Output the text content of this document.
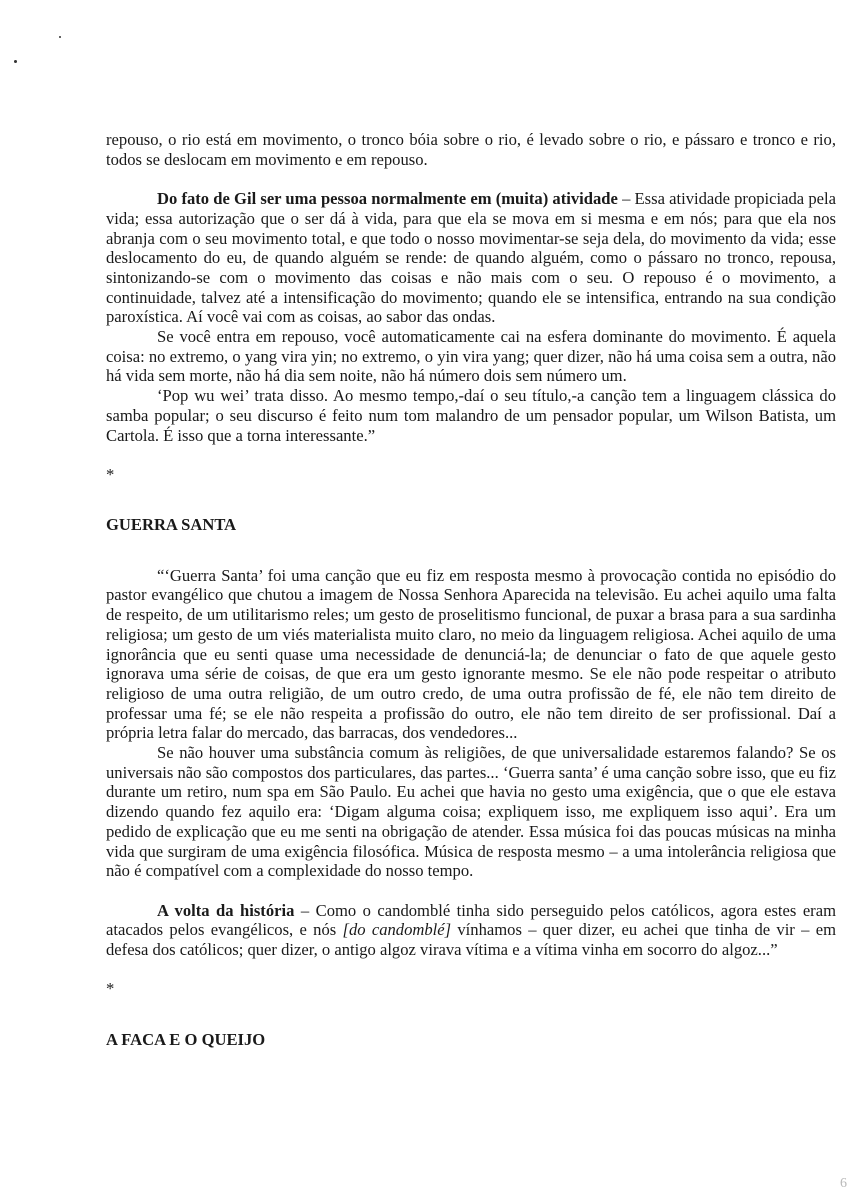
repouso, o rio está em movimento, o tronco bóia sobre o rio, é levado sobre o rio, e pássaro e tronco e rio, todos se deslocam em movimento e em repouso.

Do fato de Gil ser uma pessoa normalmente em (muita) atividade – Essa atividade propiciada pela vida; essa autorização que o ser dá à vida, para que ela se mova em si mesma e em nós; para que ela nos abranja com o seu movimento total, e que todo o nosso movimentar-se seja dela, do movimento da vida; esse deslocamento do eu, de quando alguém se rende: de quando alguém, como o pássaro no tronco, repousa, sintonizando-se com o movimento das coisas e não mais com o seu. O repouso é o movimento, a continuidade, talvez até a intensificação do movimento; quando ele se intensifica, entrando na sua condição paroxística. Aí você vai com as coisas, ao sabor das ondas.

Se você entra em repouso, você automaticamente cai na esfera dominante do movimento. É aquela coisa: no extremo, o yang vira yin; no extremo, o yin vira yang; quer dizer, não há uma coisa sem a outra, não há vida sem morte, não há dia sem noite, não há número dois sem número um.

‘Pop wu wei’ trata disso. Ao mesmo tempo,-daí o seu título,-a canção tem a linguagem clássica do samba popular; o seu discurso é feito num tom malandro de um pensador popular, um Wilson Batista, um Cartola. É isso que a torna interessante.”

*

GUERRA SANTA

“‘Guerra Santa’ foi uma canção que eu fiz em resposta mesmo à provocação contida no episódio do pastor evangélico que chutou a imagem de Nossa Senhora Aparecida na televisão. Eu achei aquilo uma falta de respeito, de um utilitarismo reles; um gesto de proselitismo funcional, de puxar a brasa para a sua sardinha religiosa; um gesto de um viés materialista muito claro, no meio da linguagem religiosa. Achei aquilo de uma ignorância que eu senti quase uma necessidade de denunciá-la; de denunciar o fato de que aquele gesto ignorava uma série de coisas, de que era um gesto ignorante mesmo. Se ele não pode respeitar o atributo religioso de uma outra religião, de um outro credo, de uma outra profissão de fé, ele não tem direito de professar uma fé; se ele não respeita a profissão do outro, ele não tem direito de ser profissional. Daí a própria letra falar do mercado, das barracas, dos vendedores...

Se não houver uma substância comum às religiões, de que universalidade estaremos falando? Se os universais não são compostos dos particulares, das partes... ‘Guerra santa’ é uma canção sobre isso, que eu fiz durante um retiro, num spa em São Paulo. Eu achei que havia no gesto uma exigência, que o que ele estava dizendo quando fez aquilo era: ‘Digam alguma coisa; expliquem isso, me expliquem isso aqui’. Era um pedido de explicação que eu me senti na obrigação de atender. Essa música foi das poucas músicas na minha vida que surgiram de uma exigência filosófica. Música de resposta mesmo – a uma intolerância religiosa que não é compatível com a complexidade do nosso tempo.

A volta da história – Como o candomblé tinha sido perseguido pelos católicos, agora estes eram atacados pelos evangélicos, e nós [do candomblé] vínhamos – quer dizer, eu achei que tinha de vir – em defesa dos católicos; quer dizer, o antigo algoz virava vítima e a vítima vinha em socorro do algoz...”

*

A FACA E O QUEIJO
6
